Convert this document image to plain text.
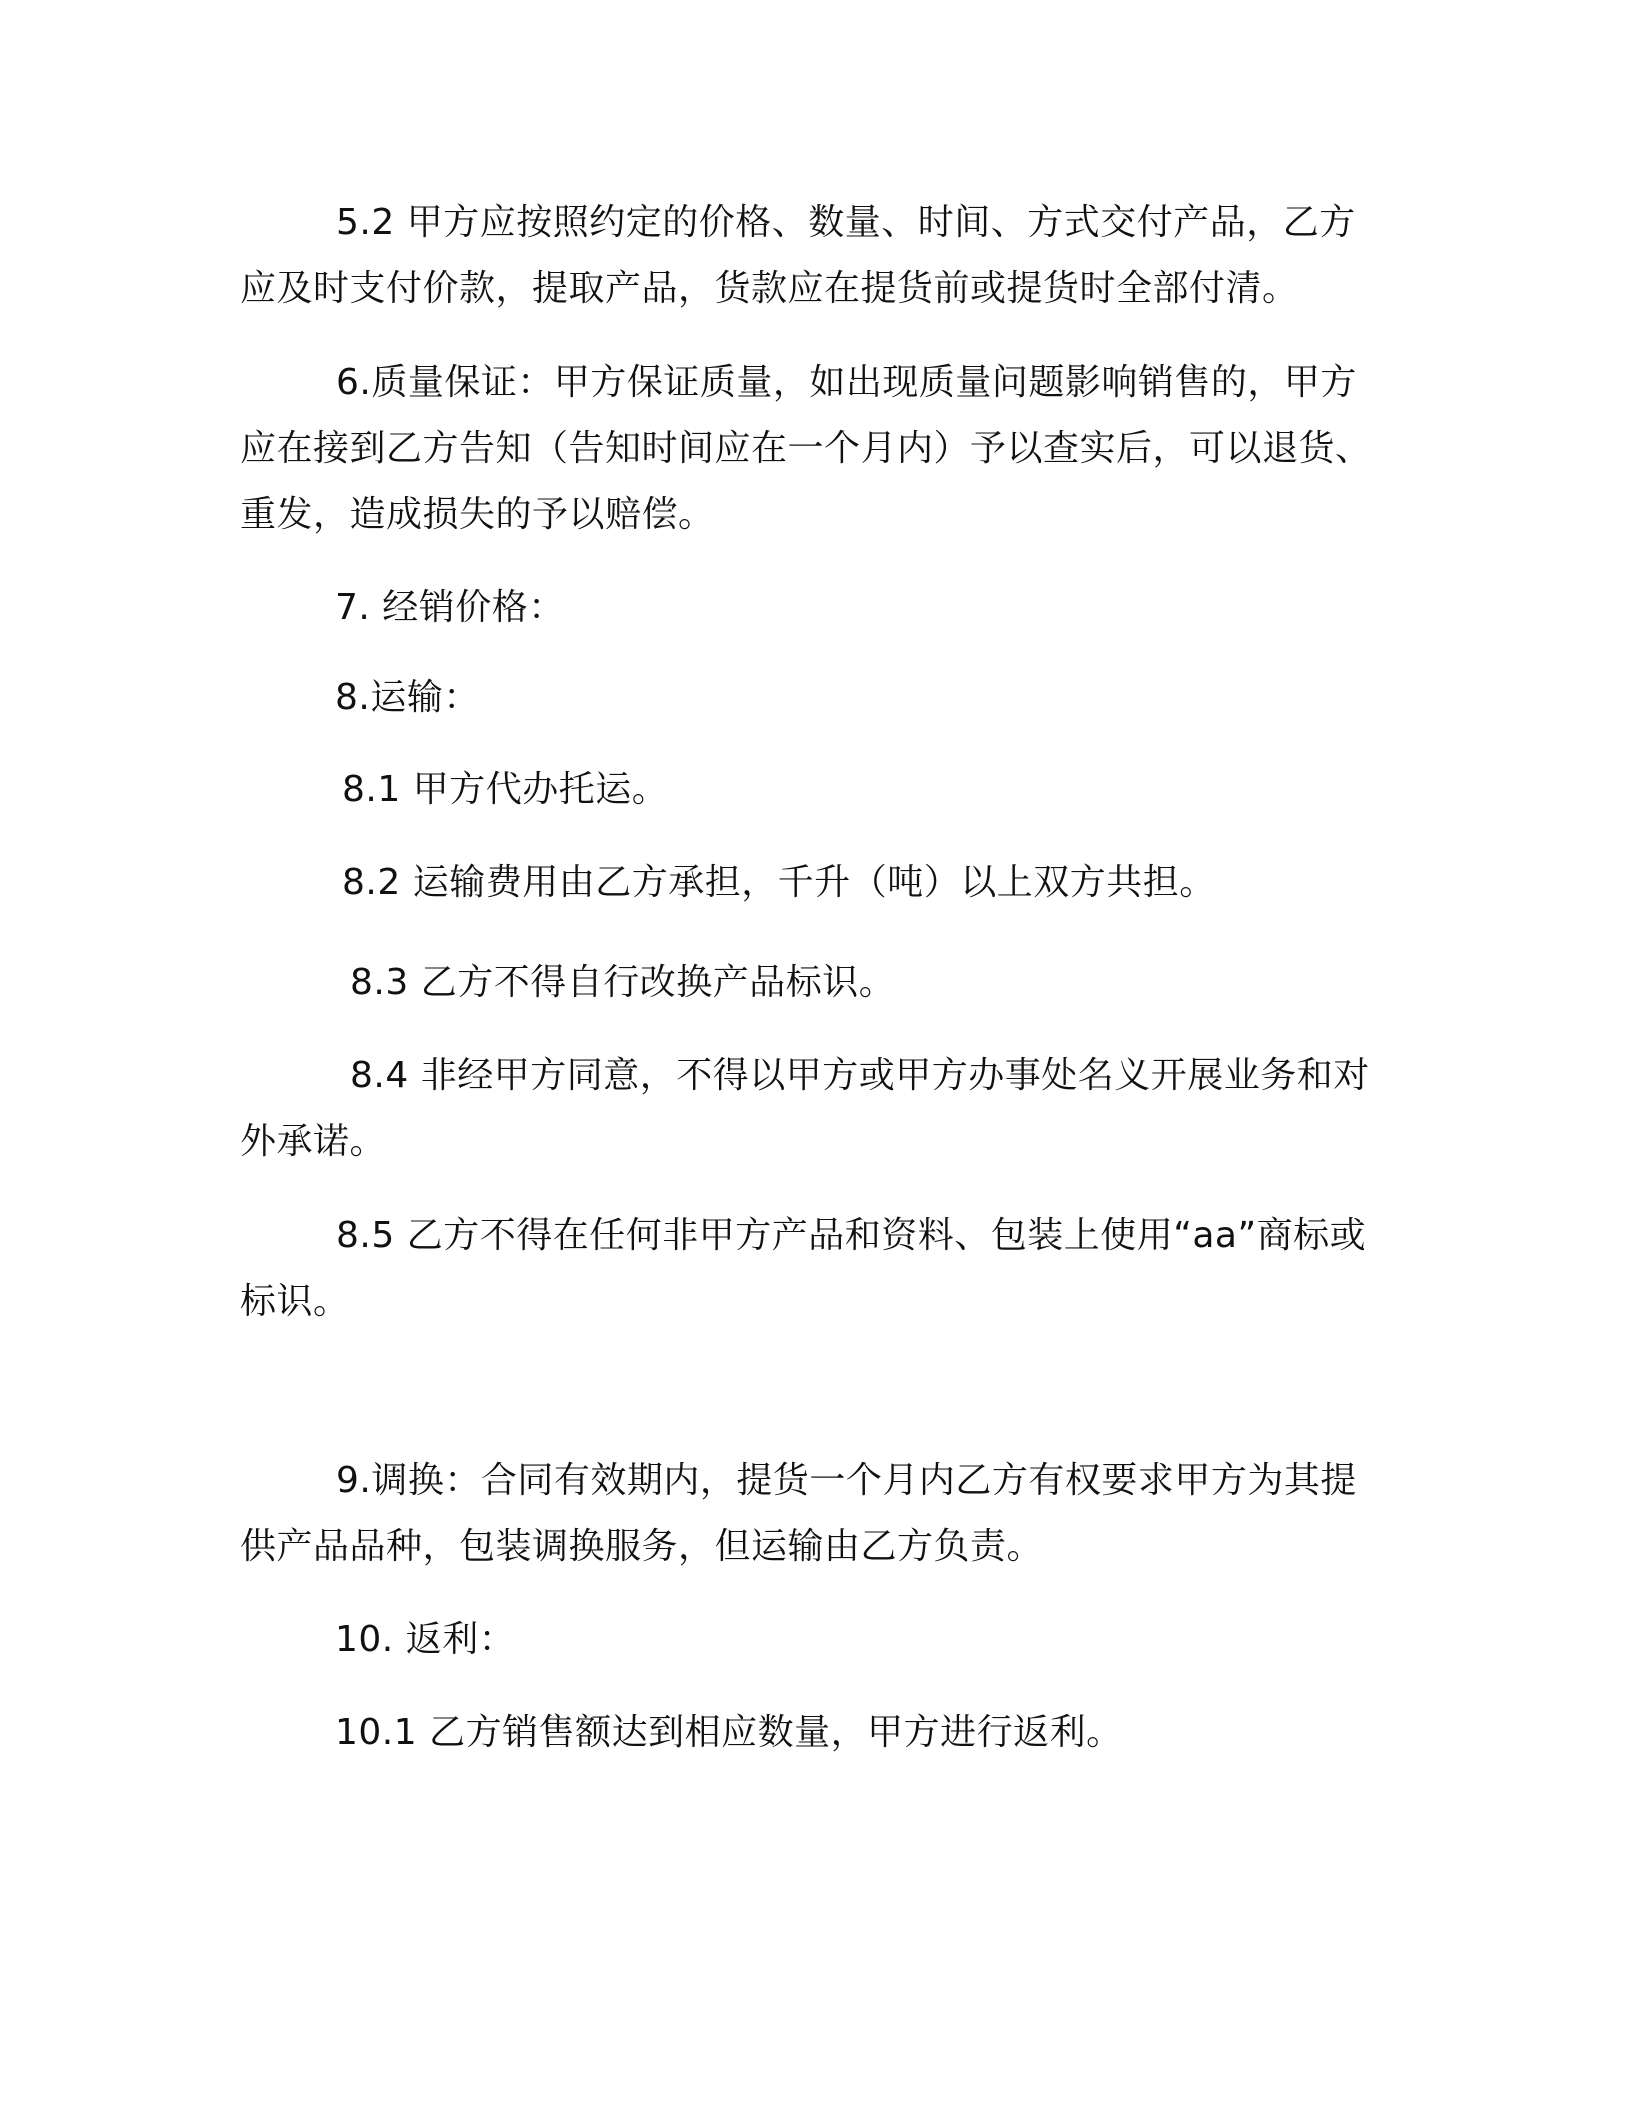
5.2 甲方应按照约定的价格、数量、时间、方式交付产品，乙方应及时支付价款，提取产品，货款应在提货前或提货时全部付清。

6.质量保证：甲方保证质量，如出现质量问题影响销售的，甲方应在接到乙方告知（告知时间应在一个月内）予以查实后，可以退货、重发，造成损失的予以赔偿。

7. 经销价格：

8.运输：

8.1 甲方代办托运。

8.2 运输费用由乙方承担，千升（吨）以上双方共担。

8.3 乙方不得自行改换产品标识。

8.4 非经甲方同意，不得以甲方或甲方办事处名义开展业务和对外承诺。

8.5 乙方不得在任何非甲方产品和资料、包装上使用“aa”商标或标识。

9.调换：合同有效期内，提货一个月内乙方有权要求甲方为其提供产品品种，包装调换服务，但运输由乙方负责。

10. 返利：

10.1 乙方销售额达到相应数量，甲方进行返利。
